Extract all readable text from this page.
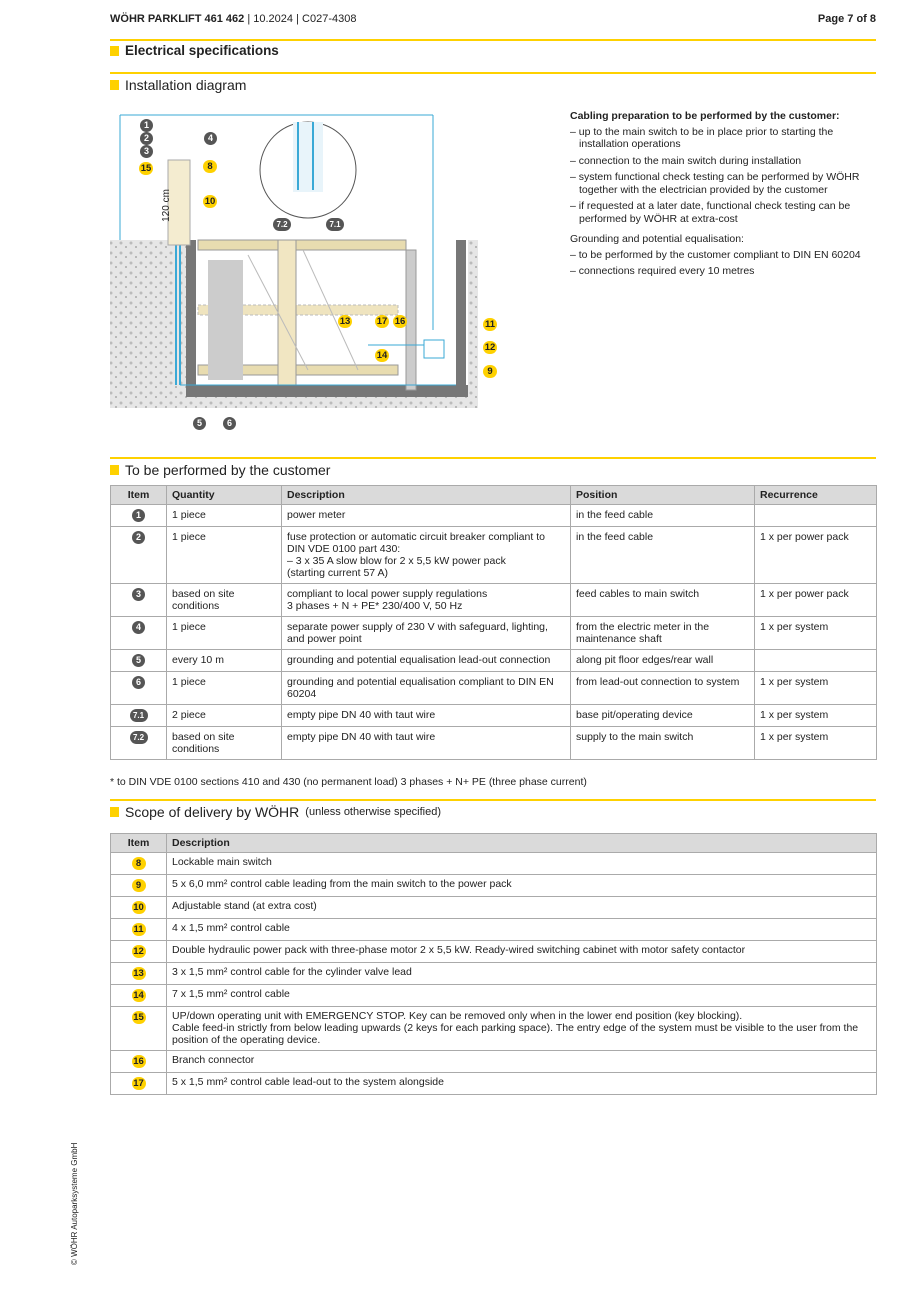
WÖHR PARKLIFT 461 462 | 10.2024 | C027-4308	Page 7 of 8
Electrical specifications
Installation diagram
120 cm
1
2
3
4
5	6
7.1
7.2
8
9
10
11
12
13
14
15
16
17
Cabling preparation to be performed by the customer:
– up to the main switch to be in place prior to starting the installation operations
– connection to the main switch during installation
– system functional check testing can be performed by WÖHR together with the electrician provided by the customer
– if requested at a later date, functional check testing can be performed by WÖHR at extra-cost
Grounding and potential equalisation:
– to be performed by the customer compliant to DIN EN 60204
– connections required every 10 metres
To be performed by the customer
Item	Quantity	Description	Position	Recurrence
1	1 piece	power meter	in the feed cable	
2	1 piece	fuse protection or automatic circuit breaker compliant to DIN VDE 0100 part 430:
– 3 x 35 A slow blow for 2 x 5,5 kW power pack
(starting current 57 A)	in the feed cable	1 x per power pack
3	based on site conditions	compliant to local power supply regulations
3 phases + N + PE* 230/400 V, 50 Hz	feed cables to main switch	1 x per power pack
4	1 piece	separate power supply of 230 V with safeguard, lighting, and power point	from the electric meter in the maintenance shaft	1 x per system
5	every 10 m	grounding and potential equalisation lead-out connection	along pit floor edges/rear wall	
6	1 piece	grounding and potential equalisation compliant to DIN EN 60204	from lead-out connection to system	1 x per system
7.1	2 piece	empty pipe DN 40 with taut wire	base pit/operating device	1 x per system
7.2	based on site conditions	empty pipe DN 40 with taut wire	supply to the main switch	1 x per system
* to DIN VDE 0100 sections 410 and 430 (no permanent load) 3 phases + N+ PE (three phase current)
Scope of delivery by WÖHR (unless otherwise specified)
Item	Description
8	Lockable main switch
9	5 x 6,0 mm² control cable leading from the main switch to the power pack
10	Adjustable stand (at extra cost)
11	4 x 1,5 mm² control cable
12	Double hydraulic power pack with three-phase motor 2 x 5,5 kW. Ready-wired switching cabinet with motor safety contactor
13	3 x 1,5 mm² control cable for the cylinder valve lead
14	7 x 1,5 mm² control cable
15	UP/down operating unit with EMERGENCY STOP. Key can be removed only when in the lower end position (key blocking).
Cable feed-in strictly from below leading upwards (2 keys for each parking space). The entry edge of the system must be visible to the user from the position of the operating device.
16	Branch connector
17	5 x 1,5 mm² control cable lead-out to the system alongside
© WÖHR Autoparksysteme GmbH
